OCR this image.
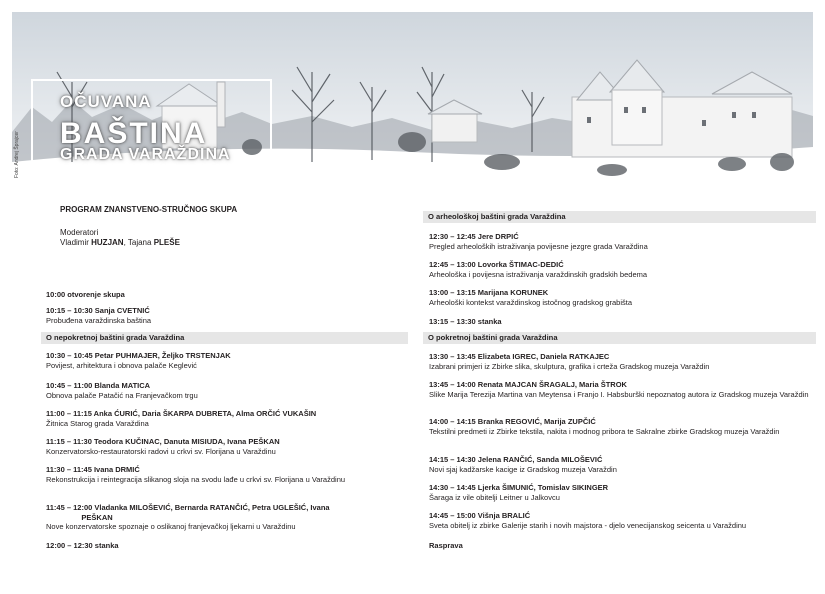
Foto: Andrej Šprajcer
OČUVANA
BAŠTINA
GRADA VARAŽDINA
PROGRAM ZNANSTVENO-STRUČNOG SKUPA
Moderatori
Vladimir HUZJAN, Tajana PLEŠE
10:00 otvorenje skupa
10:15 – 10:30 Sanja CVETNIĆ
Probuđena varaždinska baština
O nepokretnoj baštini grada Varaždina
10:30 – 10:45 Petar PUHMAJER, Željko TRSTENJAK
Povijest, arhitektura i obnova palače Keglević
10:45 – 11:00 Blanda MATICA
Obnova palače Patačić na Franjevačkom trgu
11:00 – 11:15 Anka ĆURIĆ, Daria ŠKARPA DUBRETA, Alma ORČIĆ VUKAŠIN
Žitnica Starog grada Varaždina
11:15 – 11:30 Teodora KUČINAC, Danuta MISIUDA, Ivana PEŠKAN
Konzervatorsko-restauratorski radovi u crkvi sv. Florijana u Varaždinu
11:30 – 11:45 Ivana DRMIĆ
Rekonstrukcija i reintegracija slikanog sloja na svodu lađe u crkvi sv. Florijana u Varaždinu
11:45 – 12:00 Vladanka MILOŠEVIĆ, Bernarda RATANČIĆ, Petra UGLEŠIĆ, Ivana
PEŠKAN
Nove konzervatorske spoznaje o oslikanoj franjevačkoj ljekarni u Varaždinu
12:00 – 12:30 stanka
O arheološkoj baštini grada Varaždina
12:30 – 12:45 Jere DRPIĆ
Pregled arheoloških istraživanja povijesne jezgre grada Varaždina
12:45 – 13:00 Lovorka ŠTIMAC-DEDIĆ
Arheološka i povijesna istraživanja varaždinskih gradskih bedema
13:00 – 13:15 Marijana KORUNEK
Arheološki kontekst varaždinskog istočnog gradskog grabišta
13:15 – 13:30 stanka
O pokretnoj baštini grada Varaždina
13:30 – 13:45 Elizabeta IGREC, Daniela RATKAJEC
Izabrani primjeri iz Zbirke slika, skulptura, grafika i crteža Gradskog muzeja Varaždin
13:45 – 14:00 Renata MAJCAN ŠRAGALJ, Maria ŠTROK
Slike Marija Terezija Martina van Meytensa i Franjo I. Habsburški nepoznatog autora iz Gradskog muzeja Varaždin
14:00 – 14:15 Branka REGOVIĆ, Marija ZUPČIĆ
Tekstilni predmeti iz Zbirke tekstila, nakita i modnog pribora te Sakralne zbirke Gradskog muzeja Varaždin
14:15 – 14:30 Jelena RANČIĆ, Sanda MILOŠEVIĆ
Novi sjaj kadžarske kacige iz Gradskog muzeja Varaždin
14:30 – 14:45 Ljerka ŠIMUNIĆ, Tomislav SIKINGER
Šaraga iz vile obitelji Leitner u Jalkovcu
14:45 – 15:00 Višnja BRALIĆ
Sveta obitelj iz zbirke Galerije starih i novih majstora - djelo venecijanskog seicenta u Varaždinu
Rasprava
